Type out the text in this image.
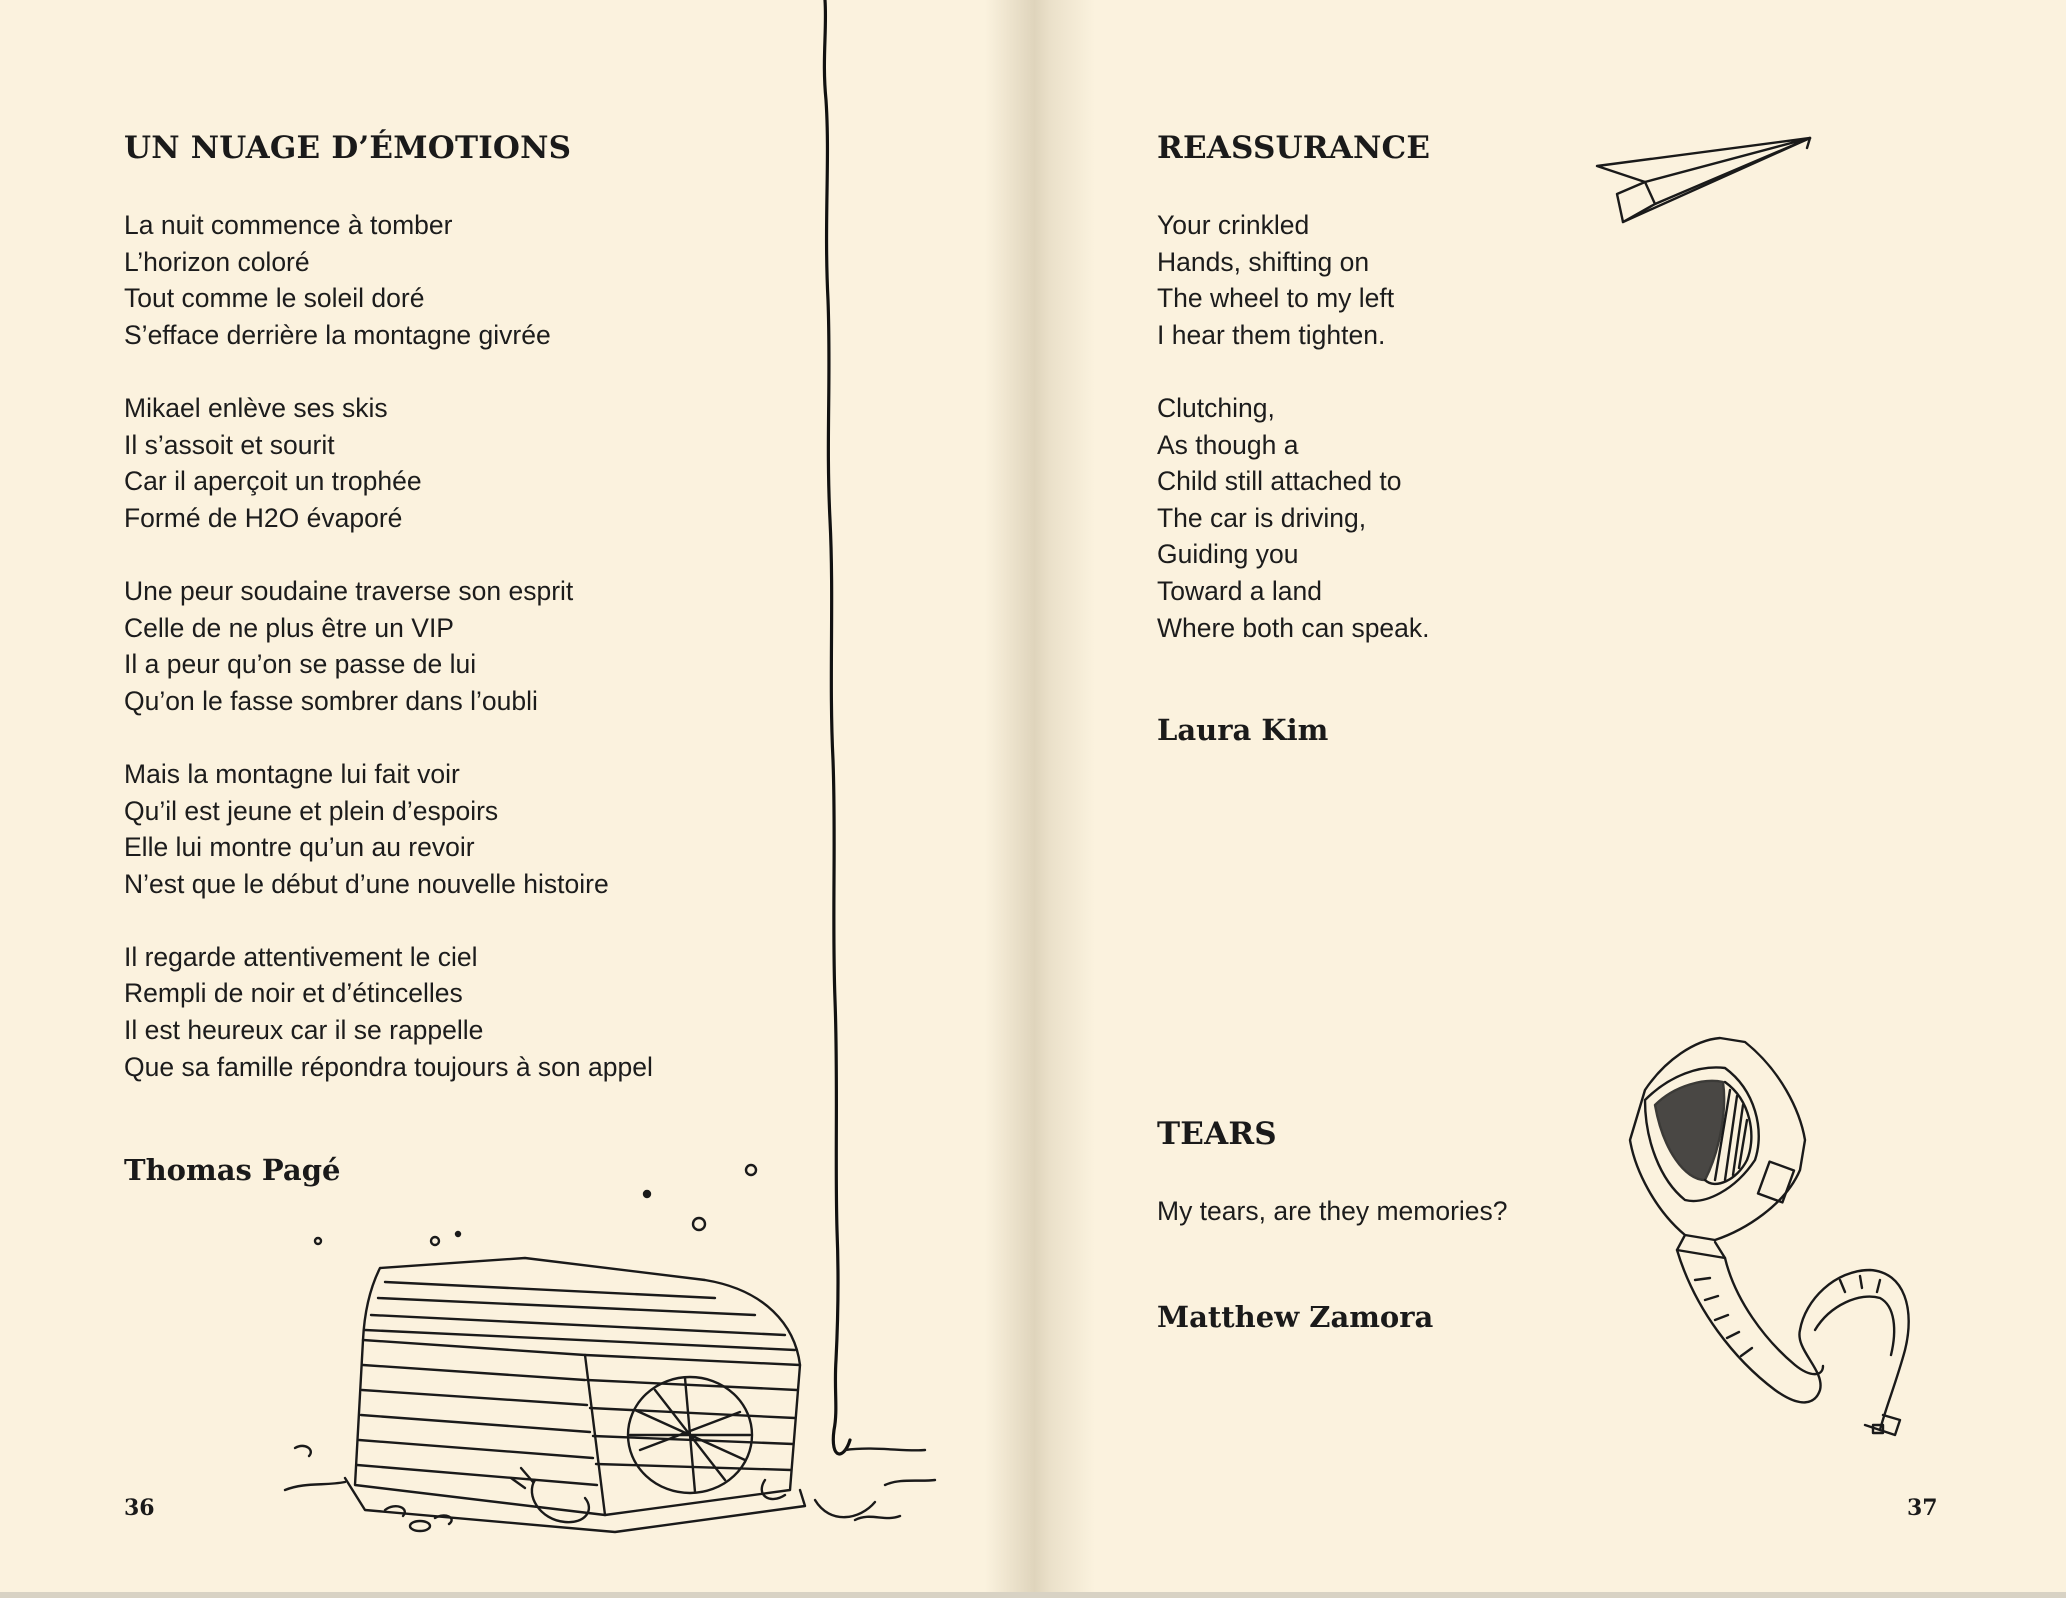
UN NUAGE D’ÉMOTIONS
La nuit commence à tomber
L’horizon coloré
Tout comme le soleil doré
S’efface derrière la montagne givrée
Mikael enlève ses skis
Il s’assoit et sourit
Car il aperçoit un trophée
Formé de H2O évaporé
Une peur soudaine traverse son esprit
Celle de ne plus être un VIP
Il a peur qu’on se passe de lui
Qu’on le fasse sombrer dans l’oubli
Mais la montagne lui fait voir
Qu’il est jeune et plein d’espoirs
Elle lui montre qu’un au revoir
N’est que le début d’une nouvelle histoire
Il regarde attentivement le ciel
Rempli de noir et d’étincelles
Il est heureux car il se rappelle
Que sa famille répondra toujours à son appel
Thomas Pagé
36
REASSURANCE
Your crinkled
Hands, shifting on
The wheel to my left
I hear them tighten.
Clutching,
As though a
Child still attached to
The car is driving,
Guiding you
Toward a land
Where both can speak.
Laura Kim
TEARS
My tears, are they memories?
Matthew Zamora
37
